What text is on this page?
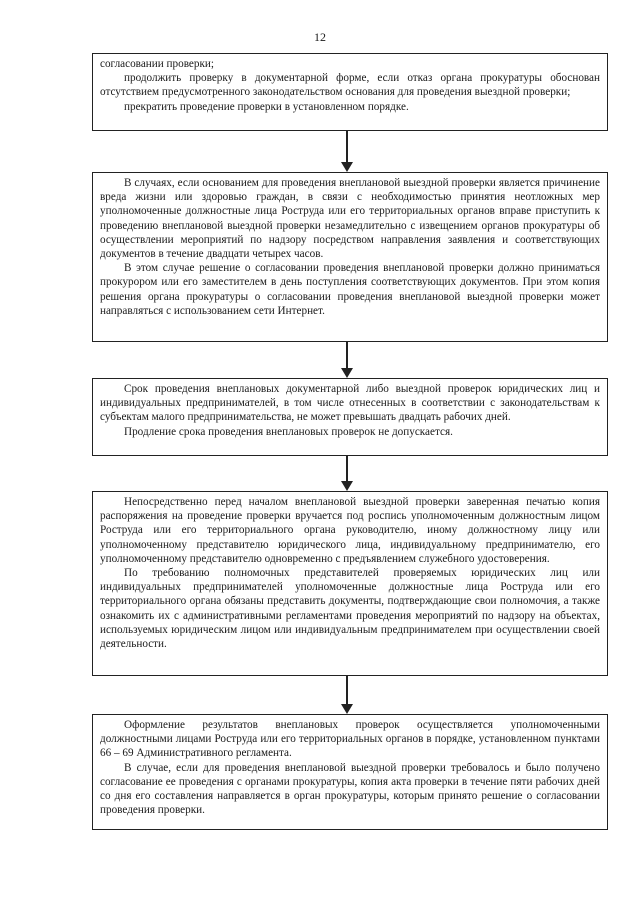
12

согласовании проверки;

продолжить проверку в документарной форме, если отказ органа прокуратуры обоснован отсутствием предусмотренного законодательством основания для проведения выездной проверки;

прекратить проведение проверки в установленном порядке.

В случаях, если основанием для проведения внеплановой выездной проверки является причинение вреда жизни или здоровью граждан, в связи с необходимостью принятия неотложных мер уполномоченные должностные лица Роструда или его территориальных органов вправе приступить к проведению внеплановой выездной проверки незамедлительно с извещением органов прокуратуры об осуществлении мероприятий по надзору посредством направления заявления и соответствующих документов в течение двадцати четырех часов.

В этом случае решение о согласовании проведения внеплановой проверки должно приниматься прокурором или его заместителем в день поступления соответствующих документов. При этом копия решения органа прокуратуры о согласовании проведения внеплановой выездной проверки может направляться с использованием сети Интернет.

Срок проведения внеплановых документарной либо выездной проверок юридических лиц и индивидуальных предпринимателей, в том числе отнесенных в соответствии с законодательствам к субъектам малого предпринимательства, не может превышать двадцать рабочих дней.

Продление срока проведения внеплановых проверок не допускается.

Непосредственно перед началом внеплановой выездной проверки заверенная печатью копия распоряжения на проведение проверки вручается под роспись уполномоченным должностным лицом Роструда или его территориального органа руководителю, иному должностному лицу или уполномоченному представителю юридического лица, индивидуальному предпринимателю, его уполномоченному представителю одновременно с предъявлением служебного удостоверения.

По требованию полномочных представителей проверяемых юридических лиц или индивидуальных предпринимателей уполномоченные должностные лица Роструда или его территориального органа обязаны представить документы, подтверждающие свои полномочия, а также ознакомить их с административными регламентами проведения мероприятий по надзору на объектах, используемых юридическим лицом или индивидуальным предпринимателем при осуществлении своей деятельности.

Оформление результатов внеплановых проверок осуществляется уполномоченными должностными лицами Роструда или его территориальных органов в порядке, установленном пунктами 66 – 69 Административного регламента.

В случае, если для проведения внеплановой выездной проверки требовалось и было получено согласование ее проведения с органами прокуратуры, копия акта проверки в течение пяти рабочих дней со дня его составления направляется в орган прокуратуры, которым принято решение о согласовании проведения проверки.
